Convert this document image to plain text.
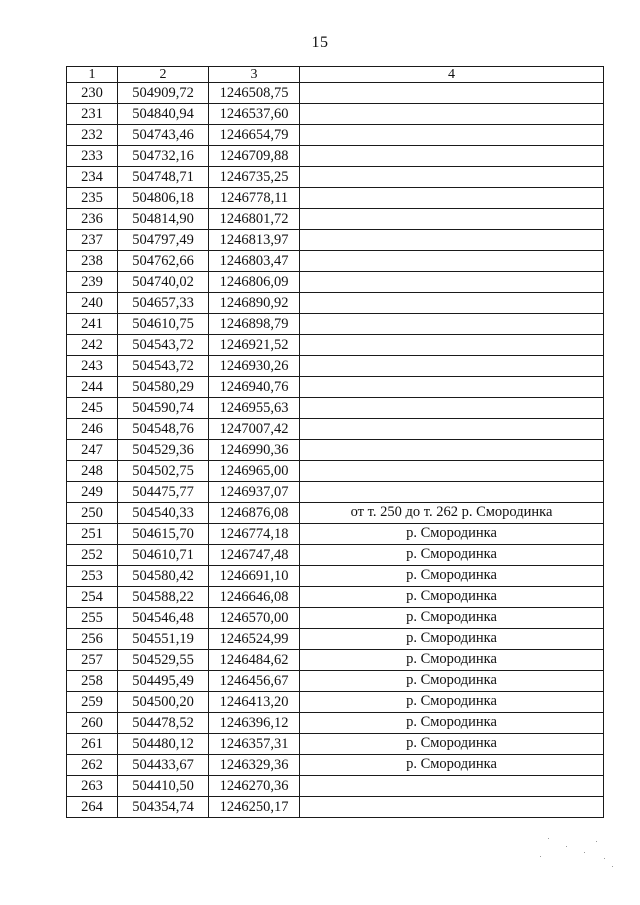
15
1	2	3	4
230	504909,72	1246508,75	
231	504840,94	1246537,60	
232	504743,46	1246654,79	
233	504732,16	1246709,88	
234	504748,71	1246735,25	
235	504806,18	1246778,11	
236	504814,90	1246801,72	
237	504797,49	1246813,97	
238	504762,66	1246803,47	
239	504740,02	1246806,09	
240	504657,33	1246890,92	
241	504610,75	1246898,79	
242	504543,72	1246921,52	
243	504543,72	1246930,26	
244	504580,29	1246940,76	
245	504590,74	1246955,63	
246	504548,76	1247007,42	
247	504529,36	1246990,36	
248	504502,75	1246965,00	
249	504475,77	1246937,07	
250	504540,33	1246876,08	от т. 250 до т. 262 р. Смородинка
251	504615,70	1246774,18	р. Смородинка
252	504610,71	1246747,48	р. Смородинка
253	504580,42	1246691,10	р. Смородинка
254	504588,22	1246646,08	р. Смородинка
255	504546,48	1246570,00	р. Смородинка
256	504551,19	1246524,99	р. Смородинка
257	504529,55	1246484,62	р. Смородинка
258	504495,49	1246456,67	р. Смородинка
259	504500,20	1246413,20	р. Смородинка
260	504478,52	1246396,12	р. Смородинка
261	504480,12	1246357,31	р. Смородинка
262	504433,67	1246329,36	р. Смородинка
263	504410,50	1246270,36	
264	504354,74	1246250,17	
